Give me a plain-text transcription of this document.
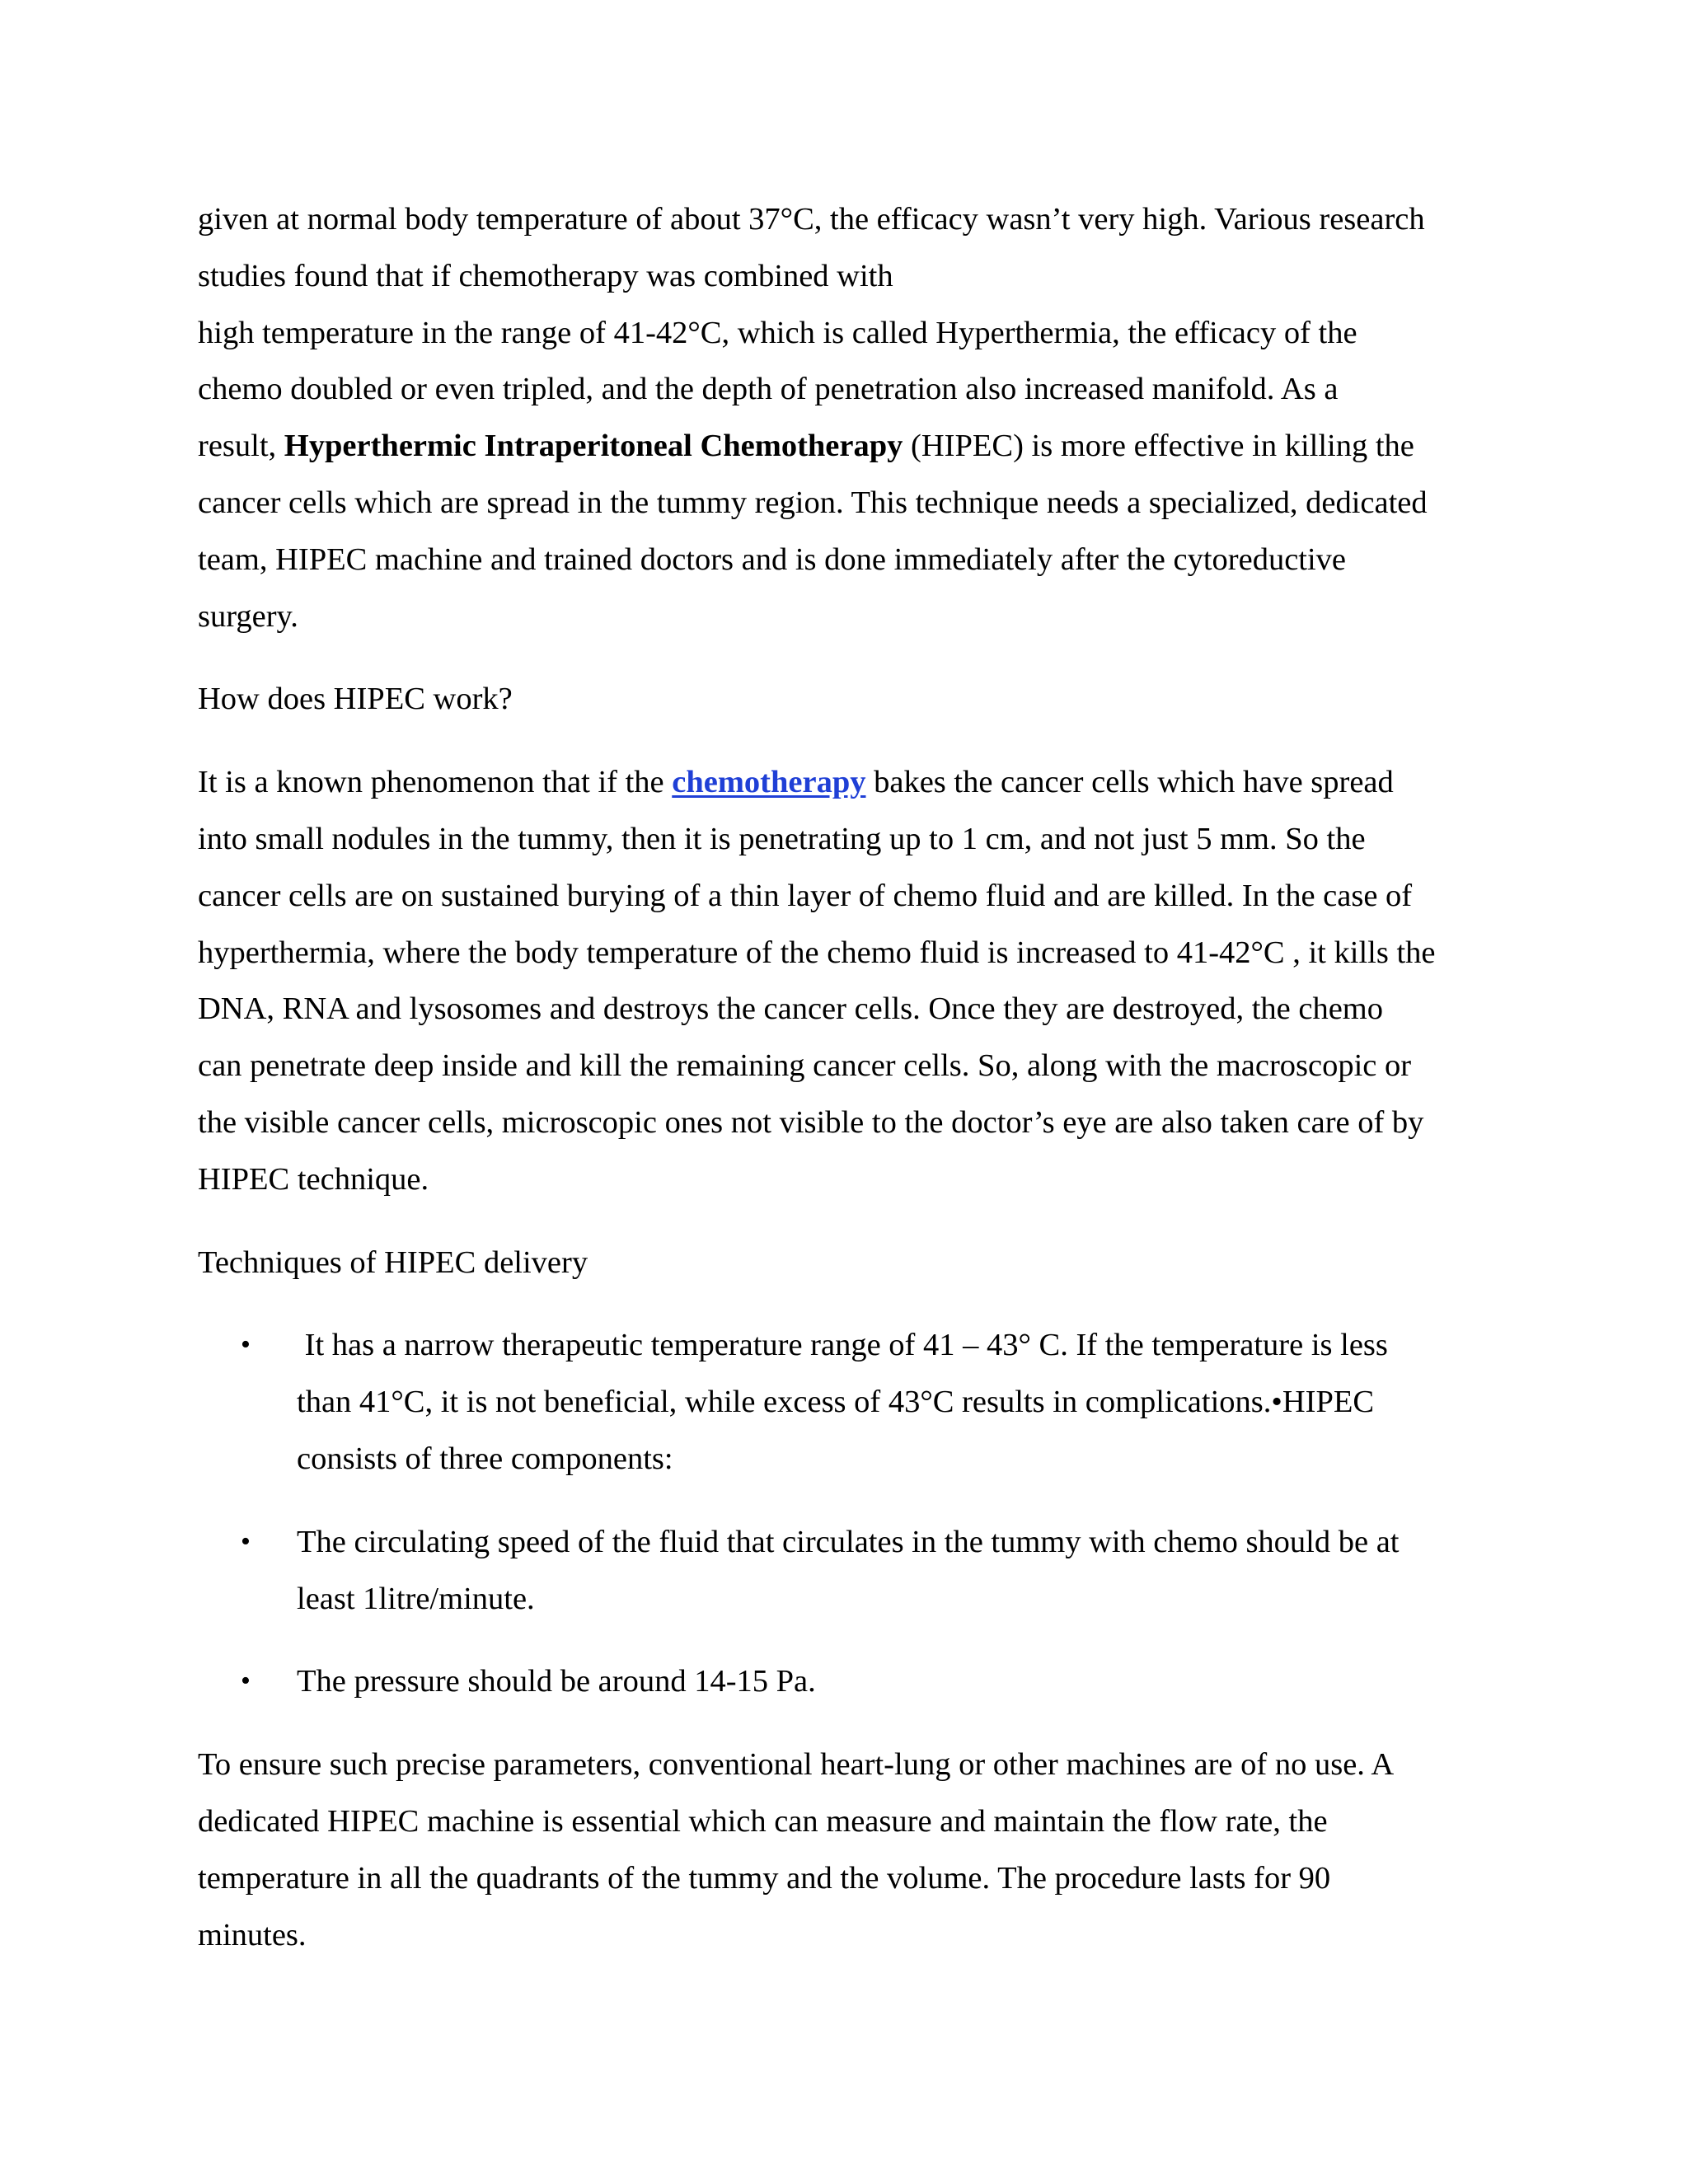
given at normal body temperature of about 37°C, the efficacy wasn’t very high. Various research
studies found that if chemotherapy was combined with
high temperature in the range of 41-42°C, which is called Hyperthermia, the efficacy of the
chemo doubled or even tripled, and the depth of penetration also increased manifold. As a
result, Hyperthermic Intraperitoneal Chemotherapy (HIPEC) is more effective in killing the
cancer cells which are spread in the tummy region. This technique needs a specialized, dedicated
team, HIPEC machine and trained doctors and is done immediately after the cytoreductive
surgery.

How does HIPEC work?

It is a known phenomenon that if the chemotherapy bakes the cancer cells which have spread
into small nodules in the tummy, then it is penetrating up to 1 cm, and not just 5 mm. So the
cancer cells are on sustained burying of a thin layer of chemo fluid and are killed. In the case of
hyperthermia, where the body temperature of the chemo fluid is increased to 41-42°C , it kills the
DNA, RNA and lysosomes and destroys the cancer cells. Once they are destroyed, the chemo
can penetrate deep inside and kill the remaining cancer cells. So, along with the macroscopic or
the visible cancer cells, microscopic ones not visible to the doctor’s eye are also taken care of by
HIPEC technique.

Techniques of HIPEC delivery

• It has a narrow therapeutic temperature range of 41 – 43° C. If the temperature is less
than 41°C, it is not beneficial, while excess of 43°C results in complications.•HIPEC
consists of three components:
• The circulating speed of the fluid that circulates in the tummy with chemo should be at
least 1litre/minute.
• The pressure should be around 14-15 Pa.

To ensure such precise parameters, conventional heart-lung or other machines are of no use. A
dedicated HIPEC machine is essential which can measure and maintain the flow rate, the
temperature in all the quadrants of the tummy and the volume. The procedure lasts for 90
minutes.
